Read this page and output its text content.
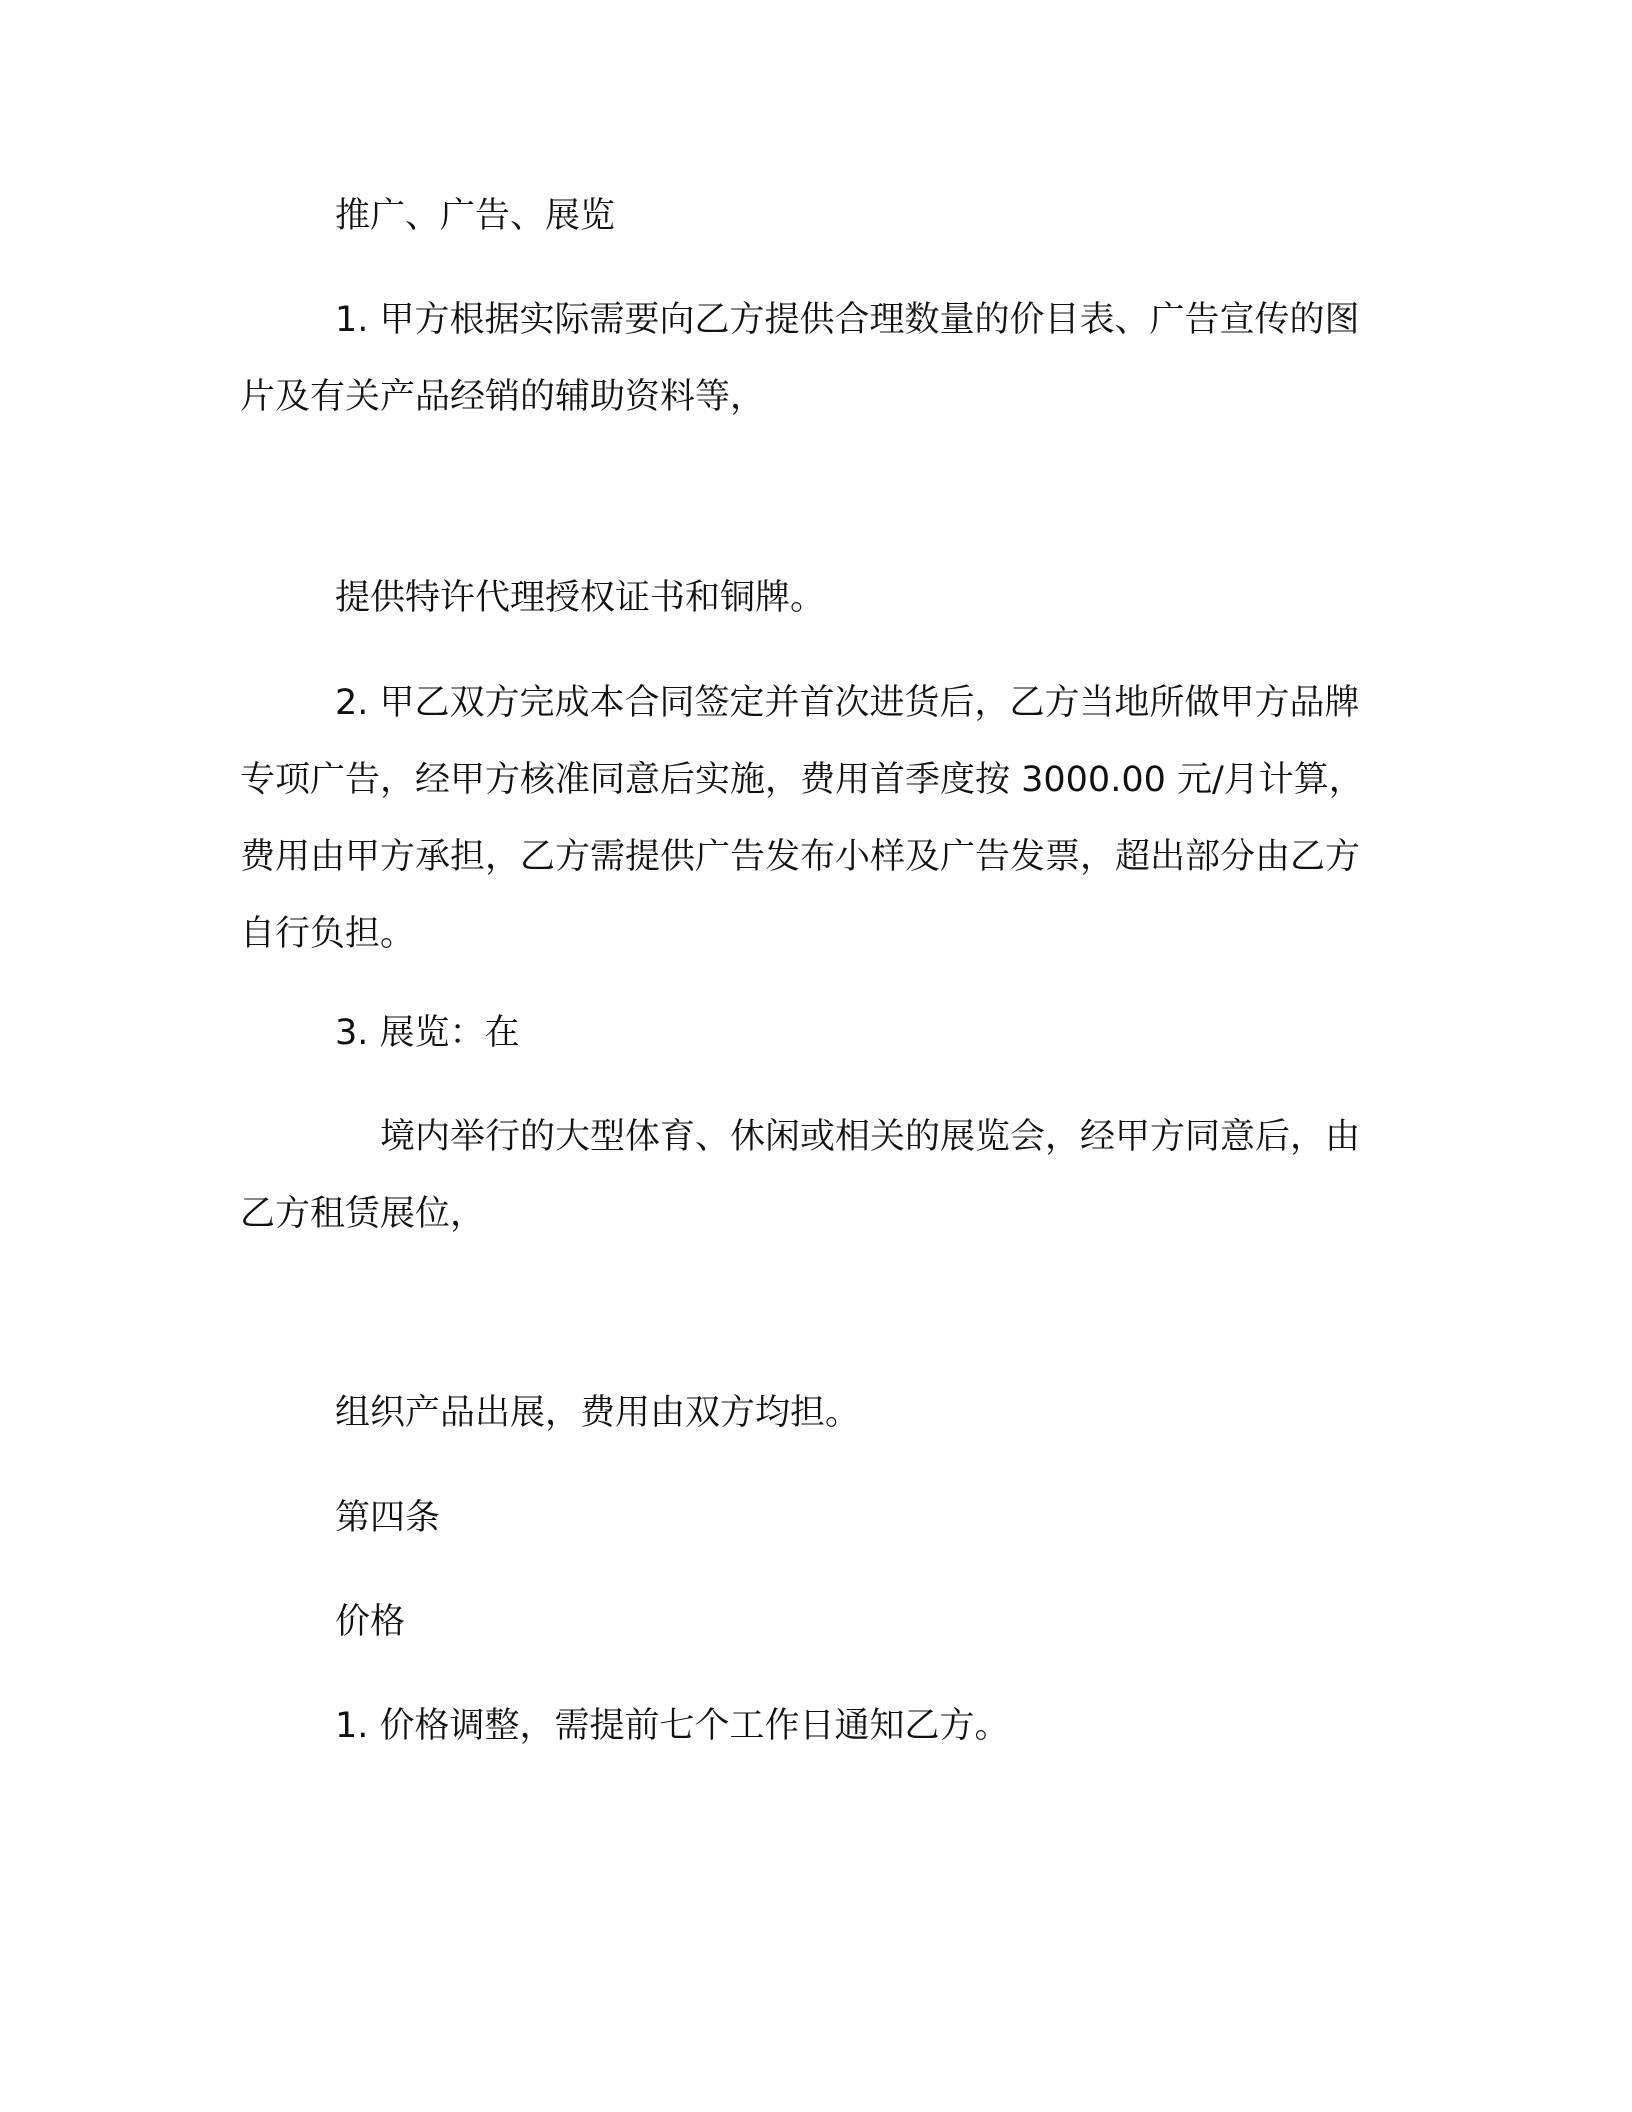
推广、广告、展览

1. 甲方根据实际需要向乙方提供合理数量的价目表、广告宣传的图片及有关产品经销的辅助资料等，

提供特许代理授权证书和铜牌。

2. 甲乙双方完成本合同签定并首次进货后，乙方当地所做甲方品牌专项广告，经甲方核准同意后实施，费用首季度按 3000.00 元/月计算，费用由甲方承担，乙方需提供广告发布小样及广告发票，超出部分由乙方自行负担。

3. 展览：在

境内举行的大型体育、休闲或相关的展览会，经甲方同意后，由乙方租赁展位，

组织产品出展，费用由双方均担。

第四条

价格

1. 价格调整，需提前七个工作日通知乙方。
